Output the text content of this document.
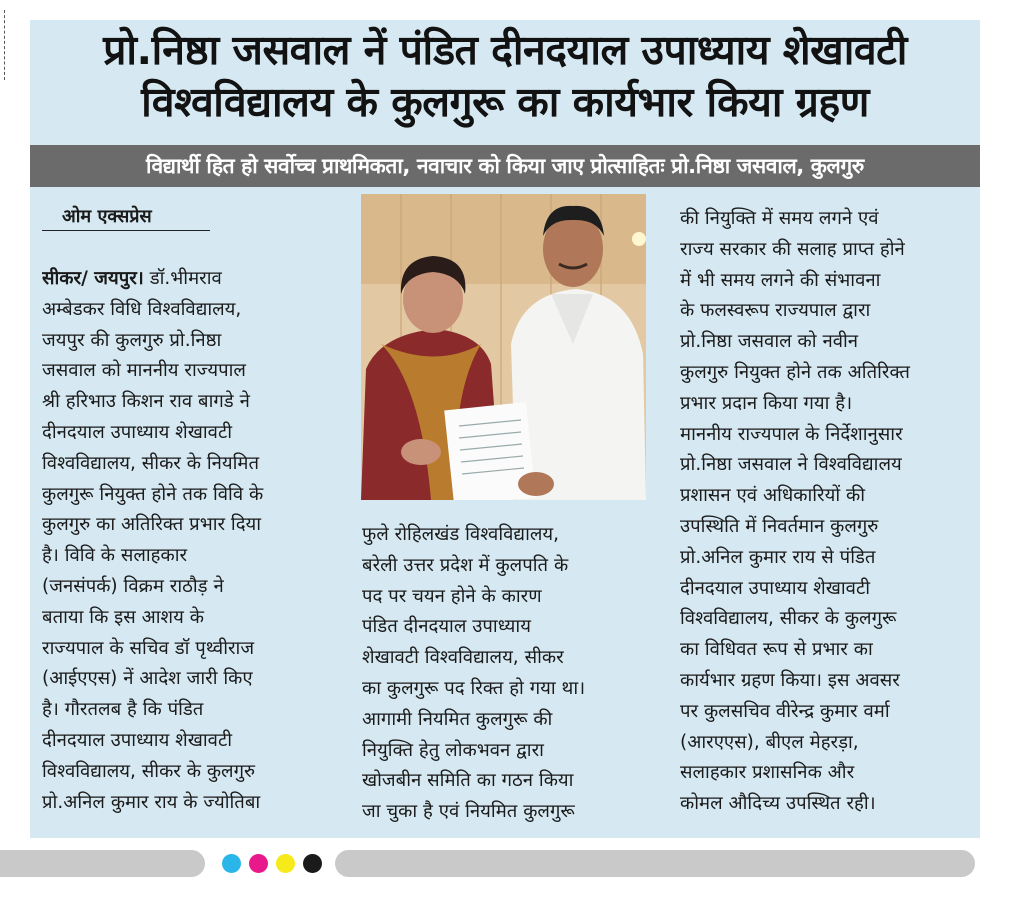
प्रो.निष्ठा जसवाल नें पंडित दीनदयाल उपाध्याय शेखावटी
विश्वविद्यालय के कुलगुरू का कार्यभार किया ग्रहण
विद्यार्थी हित हो सर्वोच्च प्राथमिकता, नवाचार को किया जाए प्रोत्साहितः प्रो.निष्ठा जसवाल, कुलगुरु
ओम एक्सप्रेस
सीकर/ जयपुर। डॉ.भीमराव
अम्बेडकर विधि विश्वविद्यालय,
जयपुर की कुलगुरु प्रो.निष्ठा
जसवाल को माननीय राज्यपाल
श्री हरिभाउ किशन राव बागडे ने
दीनदयाल उपाध्याय शेखावटी
विश्वविद्यालय, सीकर के नियमित
कुलगुरू नियुक्त होने तक विवि के
कुलगुरु का अतिरिक्त प्रभार दिया
है। विवि के सलाहकार
(जनसंपर्क) विक्रम राठौड़ ने
बताया कि इस आशय के
राज्यपाल के सचिव डॉ पृथ्वीराज
(आईएएस) नें आदेश जारी किए
है। गौरतलब है कि पंडित
दीनदयाल उपाध्याय शेखावटी
विश्वविद्यालय, सीकर के कुलगुरु
प्रो.अनिल कुमार राय के ज्योतिबा
फुले रोहिलखंड विश्वविद्यालय,
बरेली उत्तर प्रदेश में कुलपति के
पद पर चयन होने के कारण
पंडित दीनदयाल उपाध्याय
शेखावटी विश्वविद्यालय, सीकर
का कुलगुरू पद रिक्त हो गया था।
आगामी नियमित कुलगुरू की
नियुक्ति हेतु लोकभवन द्वारा
खोजबीन समिति का गठन किया
जा चुका है एवं नियमित कुलगुरू
की नियुक्ति में समय लगने एवं
राज्य सरकार की सलाह प्राप्त होने
में भी समय लगने की संभावना
के फलस्वरूप राज्यपाल द्वारा
प्रो.निष्ठा जसवाल को नवीन
कुलगुरु नियुक्त होने तक अतिरिक्त
प्रभार प्रदान किया गया है।
माननीय राज्यपाल के निर्देशानुसार
प्रो.निष्ठा जसवाल ने विश्वविद्यालय
प्रशासन एवं अधिकारियों की
उपस्थिति में निवर्तमान कुलगुरु
प्रो.अनिल कुमार राय से पंडित
दीनदयाल उपाध्याय शेखावटी
विश्वविद्यालय, सीकर के कुलगुरू
का विधिवत रूप से प्रभार का
कार्यभार ग्रहण किया। इस अवसर
पर कुलसचिव वीरेन्द्र कुमार वर्मा
(आरएएस), बीएल मेहरड़ा,
सलाहकार प्रशासनिक और
कोमल औदिच्य उपस्थित रही।
